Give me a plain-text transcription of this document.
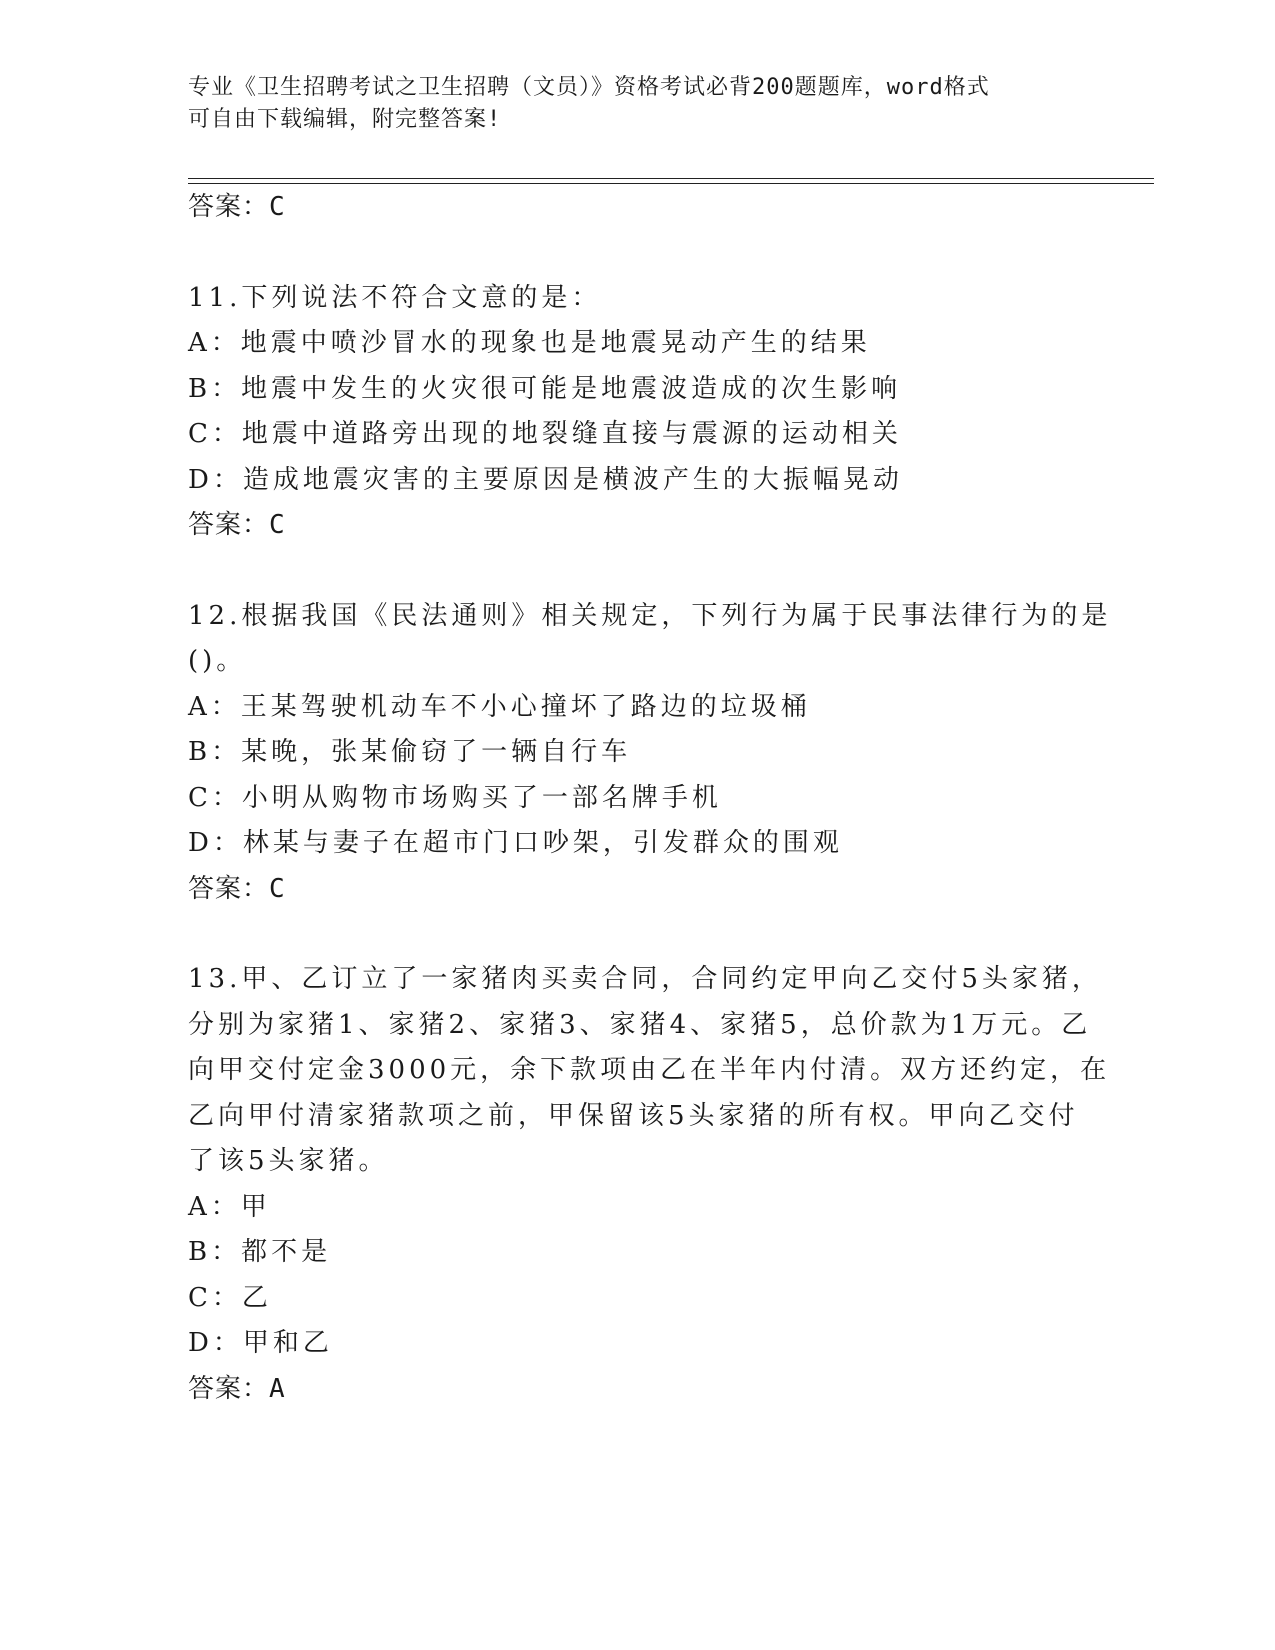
专业《卫生招聘考试之卫生招聘（文员）》资格考试必背200题题库，word格式
可自由下载编辑，附完整答案!
答案：C
11.下列说法不符合文意的是：
A：地震中喷沙冒水的现象也是地震晃动产生的结果
B：地震中发生的火灾很可能是地震波造成的次生影响
C：地震中道路旁出现的地裂缝直接与震源的运动相关
D：造成地震灾害的主要原因是横波产生的大振幅晃动
答案：C
12.根据我国《民法通则》相关规定，下列行为属于民事法律行为的是
()。
A：王某驾驶机动车不小心撞坏了路边的垃圾桶
B：某晚，张某偷窃了一辆自行车
C：小明从购物市场购买了一部名牌手机
D：林某与妻子在超市门口吵架，引发群众的围观
答案：C
13.甲、乙订立了一家猪肉买卖合同，合同约定甲向乙交付5头家猪，
分别为家猪1、家猪2、家猪3、家猪4、家猪5，总价款为1万元。乙
向甲交付定金3000元，余下款项由乙在半年内付清。双方还约定，在
乙向甲付清家猪款项之前，甲保留该5头家猪的所有权。甲向乙交付
了该5头家猪。
A：甲
B：都不是
C：乙
D：甲和乙
答案：A
